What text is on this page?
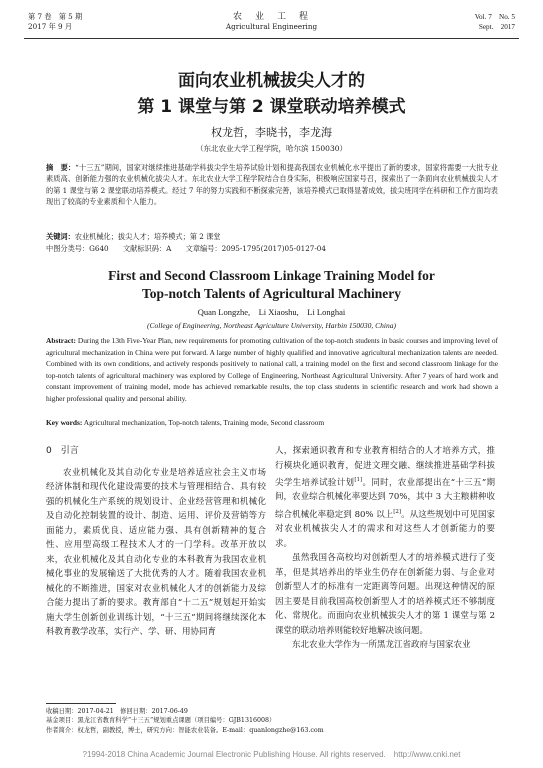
第 7 卷　第 5 期
2017 年 9 月
农　业　工　程
Agricultural Engineering
Vol. 7　No. 5
Sept.　2017
面向农业机械拔尖人才的
第 1 课堂与第 2 课堂联动培养模式
权龙哲，李晓书，李龙海
（东北农业大学工程学院，哈尔滨 150030）
摘　要：“十三五”期间，国家对继续推进基础学科拔尖学生培养试验计划和提高我国农业机械化水平提出了新的要求，国家将需要一大批专业素质高、创新能力强的农业机械化拔尖人才。东北农业大学工程学院结合自身实际，积极响应国家号召，探索出了一条面向农业机械拔尖人才的第 1 课堂与第 2 课堂联动培养模式。经过 7 年的努力实践和不断探索完善，该培养模式已取得显著成效，拔尖班同学在科研和工作方面均表现出了较高的专业素质和个人能力。
关键词：农业机械化；拔尖人才；培养模式；第 2 课堂
中图分类号：G640　　文献标识码：A　　文章编号：2095-1795(2017)05-0127-04
First and Second Classroom Linkage Training Model for
Top-notch Talents of Agricultural Machinery
Quan Longzhe,　Li Xiaoshu,　Li Longhai
(College of Engineering, Northeast Agriculture University, Harbin 150030, China)
Abstract: During the 13th Five-Year Plan, new requirements for promoting cultivation of the top-notch students in basic courses and improving level of agricultural mechanization in China were put forward. A large number of highly qualified and innovative agricultural mechanization talents are needed. Combined with its own conditions, and actively responds positively to national call, a training model on the first and second classroom linkage for the top-notch talents of agricultural machinery was explored by College of Engineering, Northeast Agricultural University. After 7 years of hard work and constant improvement of training model, mode has achieved remarkable results, the top class students in scientific research and work had shown a higher professional quality and personal ability.
Key words: Agricultural mechanization, Top-notch talents, Training mode, Second classroom
0　引言

农业机械化及其自动化专业是培养适应社会主义市场经济体制和现代化建设需要的技术与管理相结合、具有较强的机械化生产系统的规划设计、企业经营管理和机械化及自动化控制装置的设计、制造、运用、评价及营销等方面能力，素质优良、适应能力强、具有创新精神的复合性、应用型高级工程技术人才的一门学科。改革开放以来，农业机械化及其自动化专业的本科教育为我国农业机械化事业的发展输送了大批优秀的人才。随着我国农业机械化的不断推进，国家对农业机械化人才的创新能力及综合能力提出了新的要求。教育部自“十二五”规划起开始实施大学生创新创业训练计划，“十三五”期间将继续深化本科教育教学改革，实行产、学、研、用协同育

人，探索通识教育和专业教育相结合的人才培养方式，推行模块化通识教育，促进文理交融、继续推进基础学科拔尖学生培养试验计划[1]。同时，农业部提出在“十三五”期间，农业综合机械化率要达到 70%，其中 3 大主粮耕种收综合机械化率稳定到 80% 以上[2]。从这些规划中可见国家对农业机械拔尖人才的需求和对这些人才创新能力的要求。

虽然我国各高校均对创新型人才的培养模式进行了变革，但是其培养出的毕业生仍存在创新能力弱、与企业对创新型人才的标准有一定距离等问题。出现这种情况的原因主要是目前我国高校创新型人才的培养模式还不够制度化、常规化。而面向农业机械拔尖人才的第 1 课堂与第 2 课堂的联动培养则能较好地解决该问题。

东北农业大学作为一所黑龙江省政府与国家农业

收稿日期：2017-04-21　修回日期：2017-06-49
基金项目：黑龙江省教育科学“十三五”规划重点课题（项目编号：GJB1316008）
作者简介：权龙哲，副教授，博士，研究方向：智能农业装备。E-mail：quanlongzhe@163.com
?1994-2018 China Academic Journal Electronic Publishing House. All rights reserved.　http://www.cnki.net
